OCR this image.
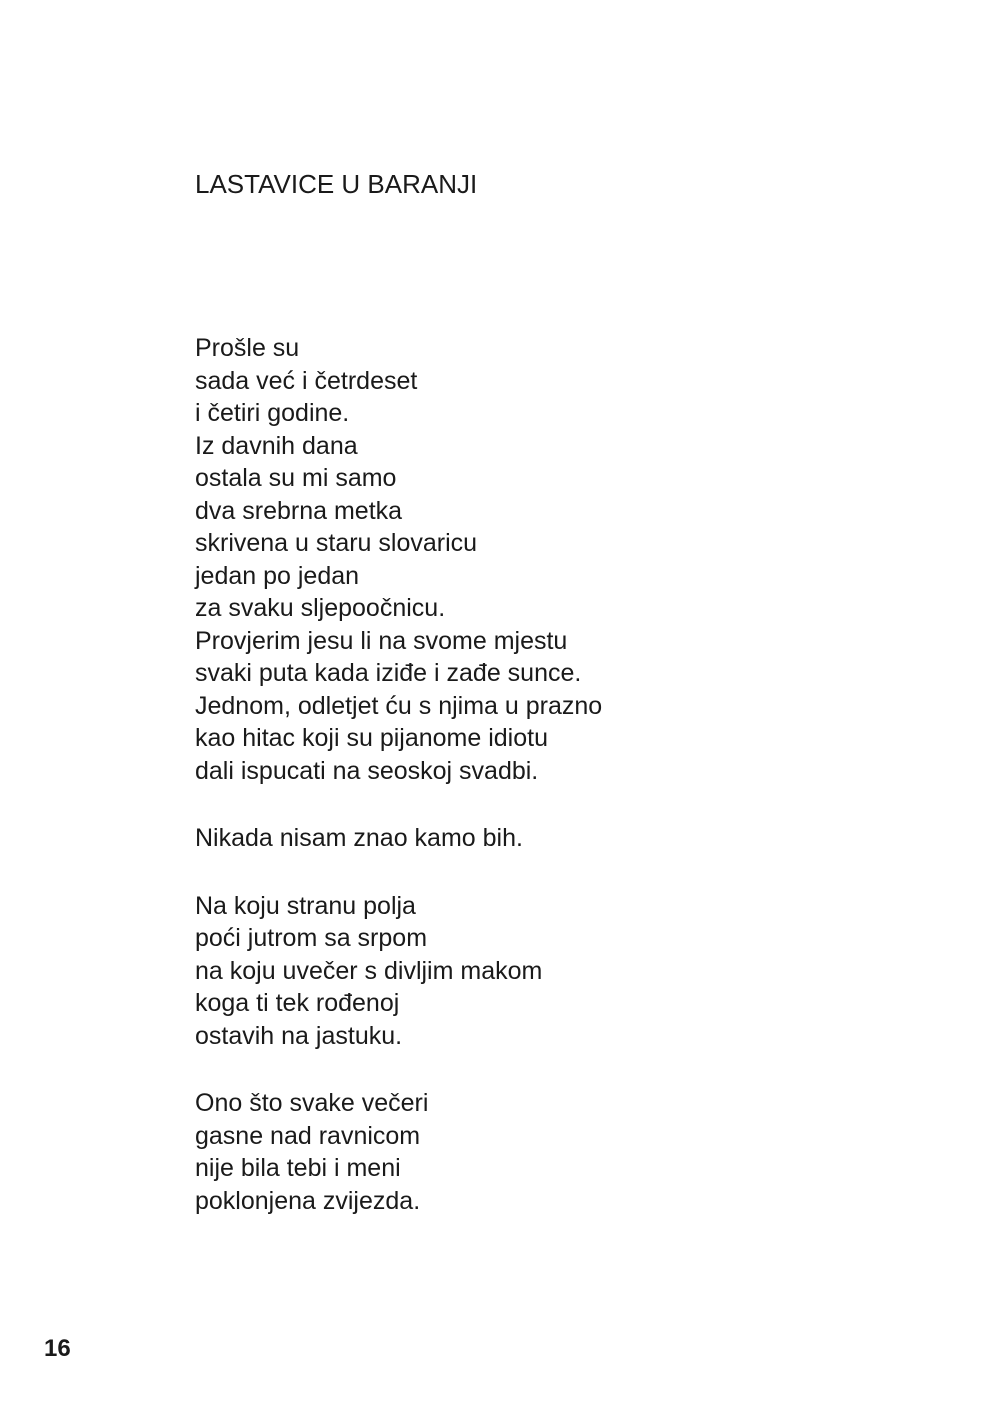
LASTAVICE U BARANJI
Prošle su
sada već i četrdeset
i četiri godine.
Iz davnih dana
ostala su mi samo
dva srebrna metka
skrivena u staru slovaricu
jedan po jedan
za svaku sljepoočnicu.
Provjerim jesu li na svome mjestu
svaki puta kada iziđe i zađe sunce.
Jednom, odletjet ću s njima u prazno
kao hitac koji su pijanome idiotu
dali ispucati na seoskoj svadbi.
Nikada nisam znao kamo bih.
Na koju stranu polja
poći jutrom sa srpom
na koju uvečer s divljim makom
koga ti tek rođenoj
ostavih na jastuku.
Ono što svake večeri
gasne nad ravnicom
nije bila tebi i meni
poklonjena zvijezda.
16
